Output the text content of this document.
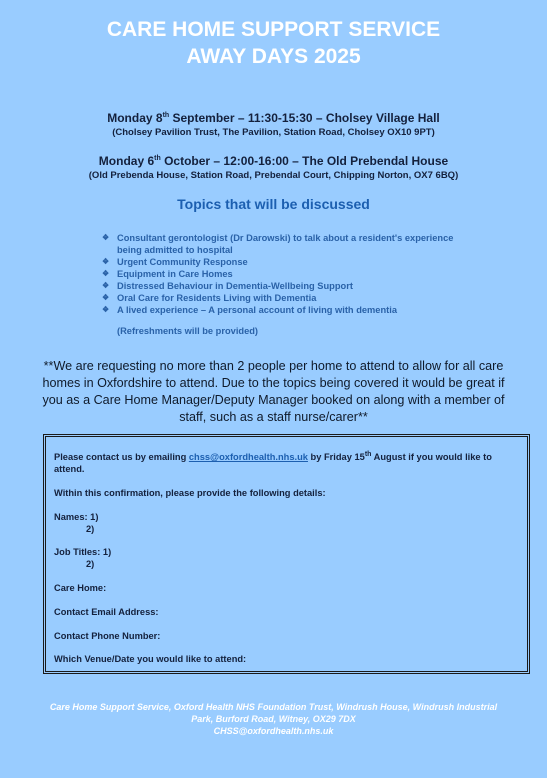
CARE HOME SUPPORT SERVICE
AWAY DAYS 2025
Monday 8th September – 11:30-15:30 – Cholsey Village Hall
(Cholsey Pavilion Trust, The Pavilion, Station Road, Cholsey OX10 9PT)
Monday 6th October – 12:00-16:00 – The Old Prebendal House
(Old Prebenda House, Station Road, Prebendal Court, Chipping Norton, OX7 6BQ)
Topics that will be discussed
❖ Consultant gerontologist (Dr Darowski) to talk about a resident's experience being admitted to hospital
❖ Urgent Community Response
❖ Equipment in Care Homes
❖ Distressed Behaviour in Dementia-Wellbeing Support
❖ Oral Care for Residents Living with Dementia
❖ A lived experience – A personal account of living with dementia
(Refreshments will be provided)
**We are requesting no more than 2 people per home to attend to allow for all care homes in Oxfordshire to attend. Due to the topics being covered it would be great if you as a Care Home Manager/Deputy Manager booked on along with a member of staff, such as a staff nurse/carer**
Please contact us by emailing chss@oxfordhealth.nhs.uk by Friday 15th August if you would like to attend.
Within this confirmation, please provide the following details:
Names: 1)
2)
Job Titles: 1)
2)
Care Home:
Contact Email Address:
Contact Phone Number:
Which Venue/Date you would like to attend:
Care Home Support Service, Oxford Health NHS Foundation Trust, Windrush House, Windrush Industrial Park, Burford Road, Witney, OX29 7DX
CHSS@oxfordhealth.nhs.uk
